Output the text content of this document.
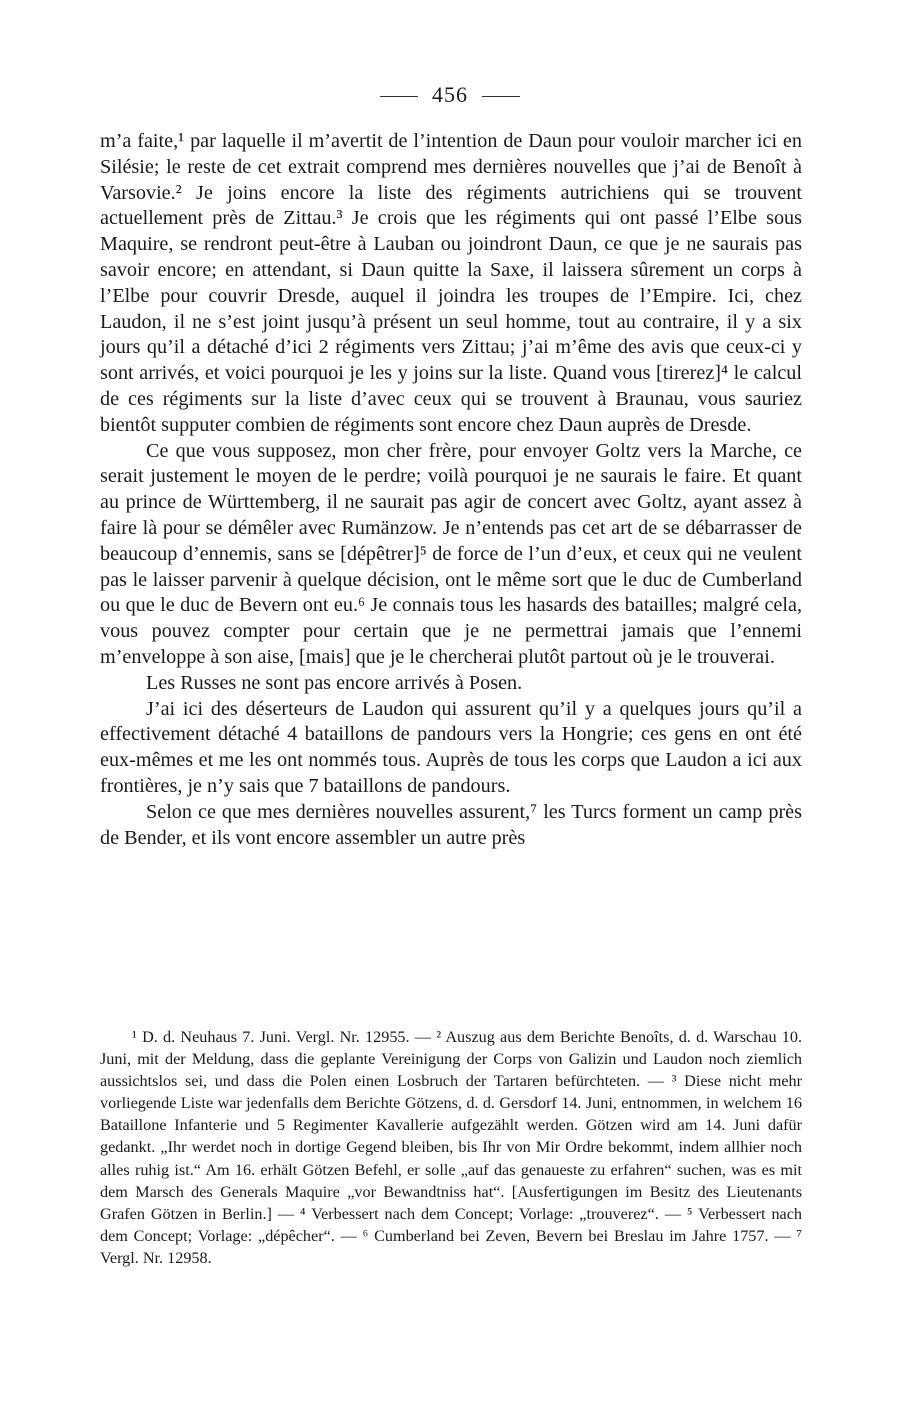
456

m’a faite,¹ par laquelle il m’avertit de l’intention de Daun pour vouloir marcher ici en Silésie; le reste de cet extrait comprend mes dernières nouvelles que j’ai de Benoît à Varsovie.² Je joins encore la liste des régiments autrichiens qui se trouvent actuellement près de Zittau.³ Je crois que les régiments qui ont passé l’Elbe sous Maquire, se rendront peut-être à Lauban ou joindront Daun, ce que je ne saurais pas savoir encore; en attendant, si Daun quitte la Saxe, il laissera sûrement un corps à l’Elbe pour couvrir Dresde, auquel il joindra les troupes de l’Empire. Ici, chez Laudon, il ne s’est joint jusqu’à présent un seul homme, tout au contraire, il y a six jours qu’il a détaché d’ici 2 régiments vers Zittau; j’ai m’ême des avis que ceux-ci y sont arrivés, et voici pourquoi je les y joins sur la liste. Quand vous [tirerez]⁴ le calcul de ces régiments sur la liste d’avec ceux qui se trouvent à Braunau, vous sauriez bientôt supputer combien de régiments sont encore chez Daun auprès de Dresde.

Ce que vous supposez, mon cher frère, pour envoyer Goltz vers la Marche, ce serait justement le moyen de le perdre; voilà pourquoi je ne saurais le faire. Et quant au prince de Württemberg, il ne saurait pas agir de concert avec Goltz, ayant assez à faire là pour se démêler avec Rumänzow. Je n’entends pas cet art de se débarrasser de beaucoup d’ennemis, sans se [dépêtrer]⁵ de force de l’un d’eux, et ceux qui ne veulent pas le laisser parvenir à quelque décision, ont le même sort que le duc de Cumberland ou que le duc de Bevern ont eu.⁶ Je connais tous les hasards des batailles; malgré cela, vous pouvez compter pour certain que je ne permettrai jamais que l’ennemi m’enveloppe à son aise, [mais] que je le chercherai plutôt partout où je le trouverai.

Les Russes ne sont pas encore arrivés à Posen.

J’ai ici des déserteurs de Laudon qui assurent qu’il y a quelques jours qu’il a effectivement détaché 4 bataillons de pandours vers la Hongrie; ces gens en ont été eux-mêmes et me les ont nommés tous. Auprès de tous les corps que Laudon a ici aux frontières, je n’y sais que 7 bataillons de pandours.

Selon ce que mes dernières nouvelles assurent,⁷ les Turcs forment un camp près de Bender, et ils vont encore assembler un autre près

¹ D. d. Neuhaus 7. Juni. Vergl. Nr. 12955. — ² Auszug aus dem Berichte Benoîts, d. d. Warschau 10. Juni, mit der Meldung, dass die geplante Vereinigung der Corps von Galizin und Laudon noch ziemlich aussichtslos sei, und dass die Polen einen Losbruch der Tartaren befürchteten. — ³ Diese nicht mehr vorliegende Liste war jedenfalls dem Berichte Götzens, d. d. Gersdorf 14. Juni, entnommen, in welchem 16 Bataillone Infanterie und 5 Regimenter Kavallerie aufgezählt werden. Götzen wird am 14. Juni dafür gedankt. „Ihr werdet noch in dortige Gegend bleiben, bis Ihr von Mir Ordre bekommt, indem allhier noch alles ruhig ist.“ Am 16. erhält Götzen Befehl, er solle „auf das genaueste zu erfahren“ suchen, was es mit dem Marsch des Generals Maquire „vor Bewandtniss hat“. [Ausfertigungen im Besitz des Lieutenants Grafen Götzen in Berlin.] — ⁴ Verbessert nach dem Concept; Vorlage: „trouverez“. — ⁵ Verbessert nach dem Concept; Vorlage: „dépêcher“. — ⁶ Cumberland bei Zeven, Bevern bei Breslau im Jahre 1757. — ⁷ Vergl. Nr. 12958.
